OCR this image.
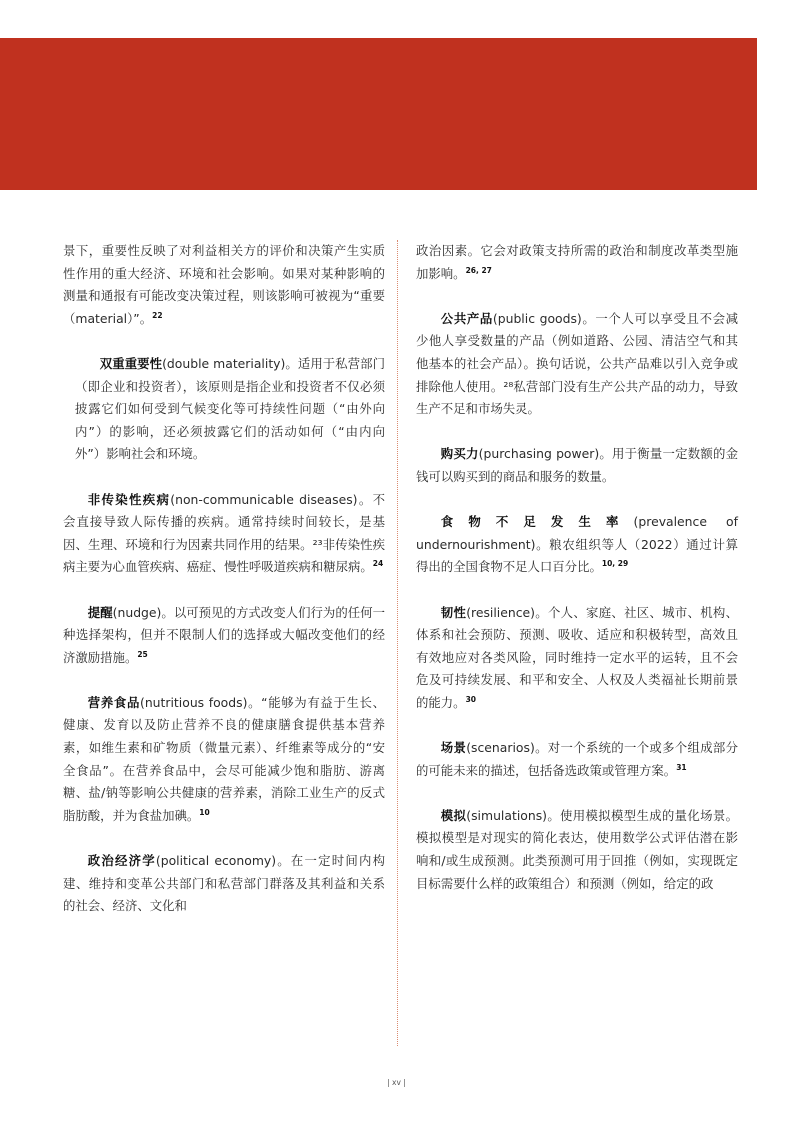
景下，重要性反映了对利益相关方的评价和决策产生实质性作用的重大经济、环境和社会影响。如果对某种影响的测量和通报有可能改变决策过程，则该影响可被视为“重要（material）”。$^{22}$
双重重要性(double materiality)。适用于私营部门（即企业和投资者），该原则是指企业和投资者不仅必须披露它们如何受到气候变化等可持续性问题（“由外向内”）的影响，还必须披露它们的活动如何（“由内向外”）影响社会和环境。
非传染性疾病(non-communicable diseases)。不会直接导致人际传播的疾病。通常持续时间较长，是基因、生理、环境和行为因素共同作用的结果。²³非传染性疾病主要为心血管疾病、癌症、慢性呼吸道疾病和糖尿病。$^{24}$
提醒(nudge)。以可预见的方式改变人们行为的任何一种选择架构，但并不限制人们的选择或大幅改变他们的经济激励措施。$^{25}$
营养食品(nutritious foods)。“能够为有益于生长、健康、发育以及防止营养不良的健康膳食提供基本营养素，如维生素和矿物质（微量元素）、纤维素等成分的“安全食品”。在营养食品中，会尽可能减少饱和脂肪、游离糖、盐/钠等影响公共健康的营养素，消除工业生产的反式脂肪酸，并为食盐加碘。$^{10}$
政治经济学(political economy)。在一定时间内构建、维持和变革公共部门和私营部门群落及其利益和关系的社会、经济、文化和
政治因素。它会对政策支持所需的政治和制度改革类型施加影响。$^{26, 27}$
公共产品(public goods)。一个人可以享受且不会减少他人享受数量的产品（例如道路、公园、清洁空气和其他基本的社会产品）。换句话说，公共产品难以引入竞争或排除他人使用。²⁸私营部门没有生产公共产品的动力，导致生产不足和市场失灵。
购买力(purchasing power)。用于衡量一定数额的金钱可以购买到的商品和服务的数量。
食物不足发生率(prevalence of undernourishment)。粮农组织等人（2022）通过计算得出的全国食物不足人口百分比。$^{10, 29}$
韧性(resilience)。个人、家庭、社区、城市、机构、体系和社会预防、预测、吸收、适应和积极转型，高效且有效地应对各类风险，同时维持一定水平的运转，且不会危及可持续发展、和平和安全、人权及人类福祉长期前景的能力。$^{30}$
场景(scenarios)。对一个系统的一个或多个组成部分的可能未来的描述，包括备选政策或管理方案。$^{31}$
模拟(simulations)。使用模拟模型生成的量化场景。模拟模型是对现实的简化表达，使用数学公式评估潜在影响和/或生成预测。此类预测可用于回推（例如，实现既定目标需要什么样的政策组合）和预测（例如，给定的政
| xv |
